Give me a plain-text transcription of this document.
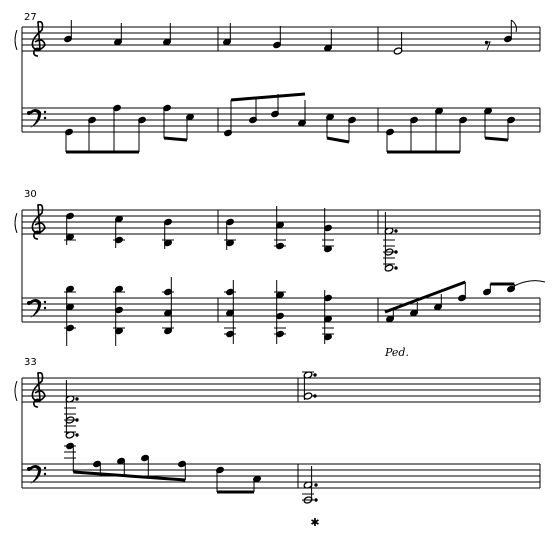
27
30
33
Ped.
✱
